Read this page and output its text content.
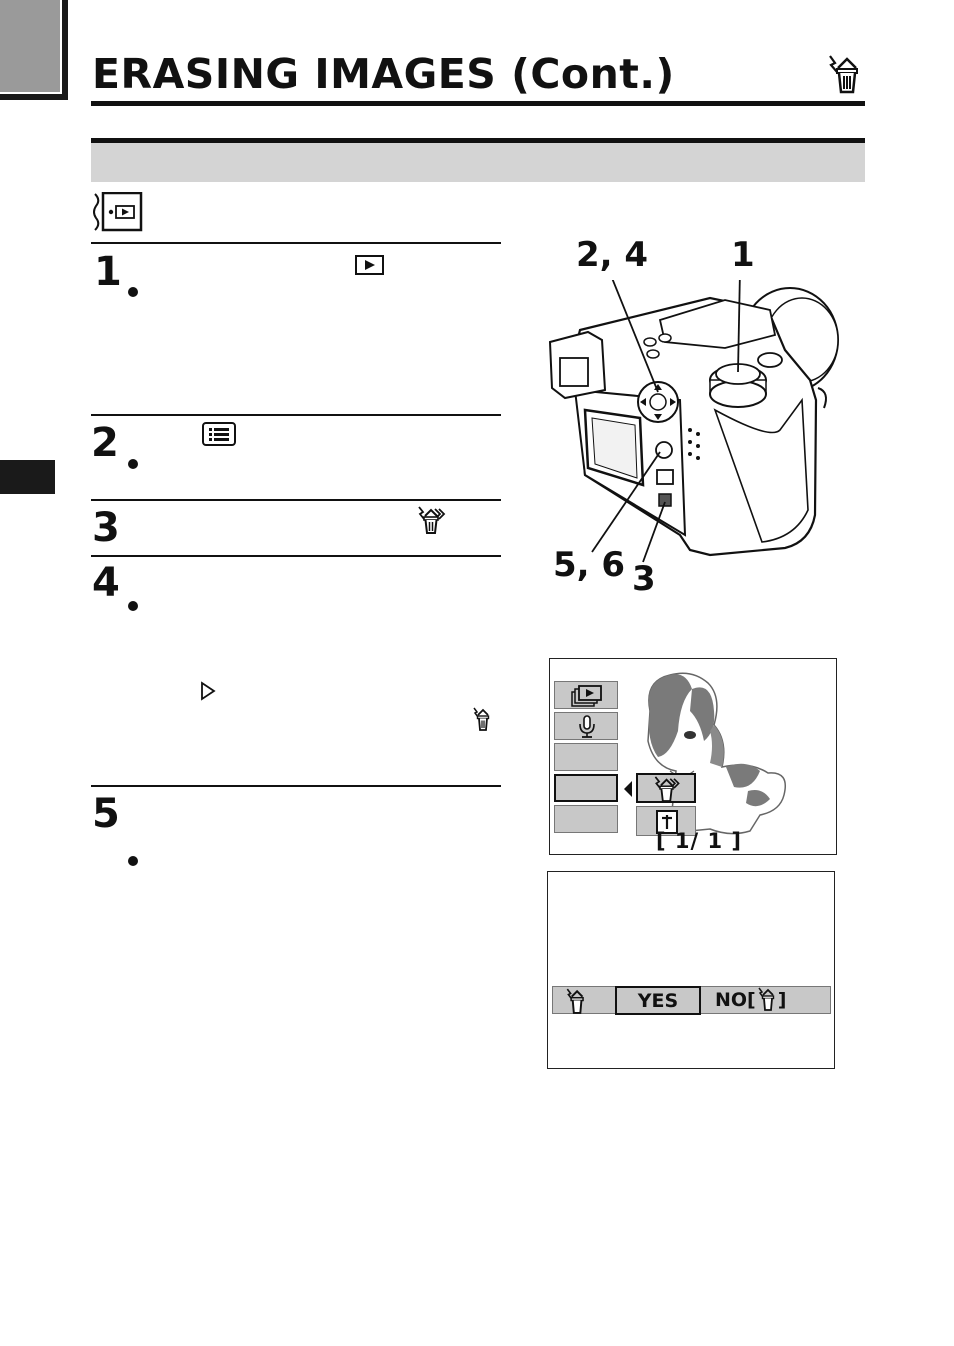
ERASING IMAGES (Cont.)
1
2
3
4
5
2, 4 1
5, 6 3
[ 1/ 1 ]
YES	NO[ ]
